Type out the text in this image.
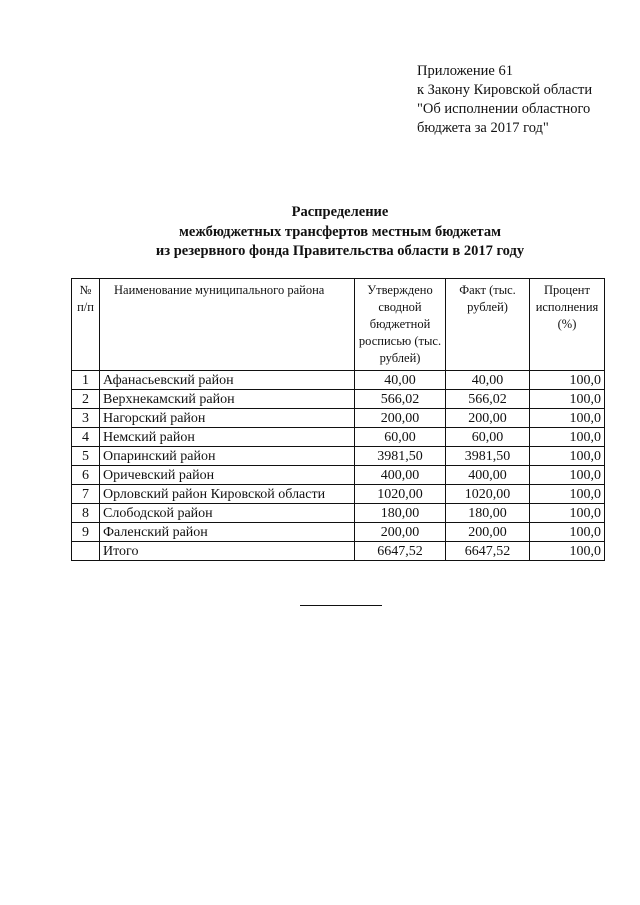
Приложение 61
к Закону Кировской области
"Об исполнении областного
бюджета за 2017 год"
Распределение
межбюджетных трансфертов местным бюджетам
из резервного фонда Правительства области в 2017 году
№ п/п	Наименование муниципального района	Утверждено сводной бюджетной росписью (тыс. рублей)	Факт (тыс. рублей)	Процент исполнения (%)
1	Афанасьевский район	40,00	40,00	100,0
2	Верхнекамский район	566,02	566,02	100,0
3	Нагорский район	200,00	200,00	100,0
4	Немский район	60,00	60,00	100,0
5	Опаринский район	3981,50	3981,50	100,0
6	Оричевский район	400,00	400,00	100,0
7	Орловский район Кировской области	1020,00	1020,00	100,0
8	Слободской район	180,00	180,00	100,0
9	Фаленский район	200,00	200,00	100,0
	Итого	6647,52	6647,52	100,0
